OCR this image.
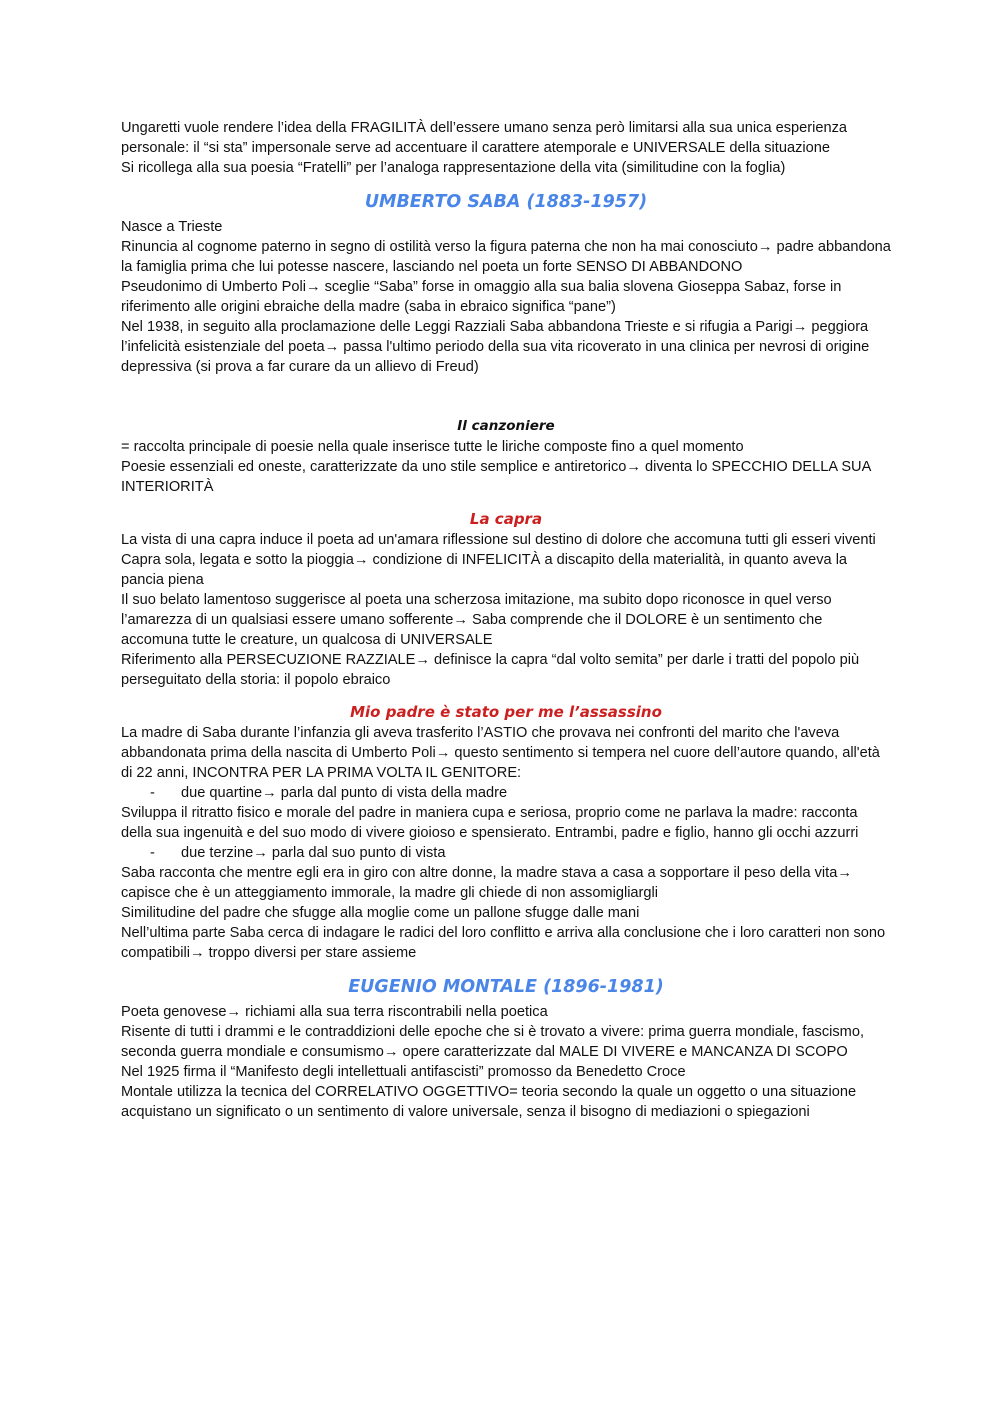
Ungaretti vuole rendere l’idea della FRAGILITÀ dell’essere umano senza però limitarsi alla sua unica esperienza personale: il “si sta” impersonale serve ad accentuare il carattere atemporale e UNIVERSALE della situazione

Si ricollega alla sua poesia “Fratelli” per l’analoga rappresentazione della vita (similitudine con la foglia)

UMBERTO SABA (1883-1957)

Nasce a Trieste

Rinuncia al cognome paterno in segno di ostilità verso la figura paterna che non ha mai conosciuto→ padre abbandona la famiglia prima che lui potesse nascere, lasciando nel poeta un forte SENSO DI ABBANDONO

Pseudonimo di Umberto Poli→ sceglie “Saba” forse in omaggio alla sua balia slovena Gioseppa Sabaz, forse in riferimento alle origini ebraiche della madre (saba in ebraico significa “pane”)

Nel 1938, in seguito alla proclamazione delle Leggi Razziali Saba abbandona Trieste e si rifugia a Parigi→ peggiora l’infelicità esistenziale del poeta→ passa l'ultimo periodo della sua vita ricoverato in una clinica per nevrosi di origine depressiva (si prova a far curare da un allievo di Freud)

Il canzoniere

= raccolta principale di poesie nella quale inserisce tutte le liriche composte fino a quel momento

Poesie essenziali ed oneste, caratterizzate da uno stile semplice e antiretorico→ diventa lo SPECCHIO DELLA SUA INTERIORITÀ

La capra

La vista di una capra induce il poeta ad un'amara riflessione sul destino di dolore che accomuna tutti gli esseri viventi

Capra sola, legata e sotto la pioggia→ condizione di INFELICITÀ a discapito della materialità, in quanto aveva la pancia piena

Il suo belato lamentoso suggerisce al poeta una scherzosa imitazione, ma subito dopo riconosce in quel verso l’amarezza di un qualsiasi essere umano sofferente→ Saba comprende che il DOLORE è un sentimento che accomuna tutte le creature, un qualcosa di UNIVERSALE

Riferimento alla PERSECUZIONE RAZZIALE→ definisce la capra “dal volto semita” per darle i tratti del popolo più perseguitato della storia: il popolo ebraico

Mio padre è stato per me l’assassino

La madre di Saba durante l’infanzia gli aveva trasferito l’ASTIO che provava nei confronti del marito che l'aveva abbandonata prima della nascita di Umberto Poli→ questo sentimento si tempera nel cuore dell’autore quando, all'età di 22 anni, INCONTRA PER LA PRIMA VOLTA IL GENITORE:

- due quartine→ parla dal punto di vista della madre

Sviluppa il ritratto fisico e morale del padre in maniera cupa e seriosa, proprio come ne parlava la madre: racconta della sua ingenuità e del suo modo di vivere gioioso e spensierato. Entrambi, padre e figlio, hanno gli occhi azzurri

- due terzine→ parla dal suo punto di vista

Saba racconta che mentre egli era in giro con altre donne, la madre stava a casa a sopportare il peso della vita→ capisce che è un atteggiamento immorale, la madre gli chiede di non assomigliargli

Similitudine del padre che sfugge alla moglie come un pallone sfugge dalle mani

Nell’ultima parte Saba cerca di indagare le radici del loro conflitto e arriva alla conclusione che i loro caratteri non sono compatibili→ troppo diversi per stare assieme

EUGENIO MONTALE (1896-1981)

Poeta genovese→ richiami alla sua terra riscontrabili nella poetica

Risente di tutti i drammi e le contraddizioni delle epoche che si è trovato a vivere: prima guerra mondiale, fascismo, seconda guerra mondiale e consumismo→ opere caratterizzate dal MALE DI VIVERE e MANCANZA DI SCOPO

Nel 1925 firma il “Manifesto degli intellettuali antifascisti” promosso da Benedetto Croce

Montale utilizza la tecnica del CORRELATIVO OGGETTIVO= teoria secondo la quale un oggetto o una situazione acquistano un significato o un sentimento di valore universale, senza il bisogno di mediazioni o spiegazioni
